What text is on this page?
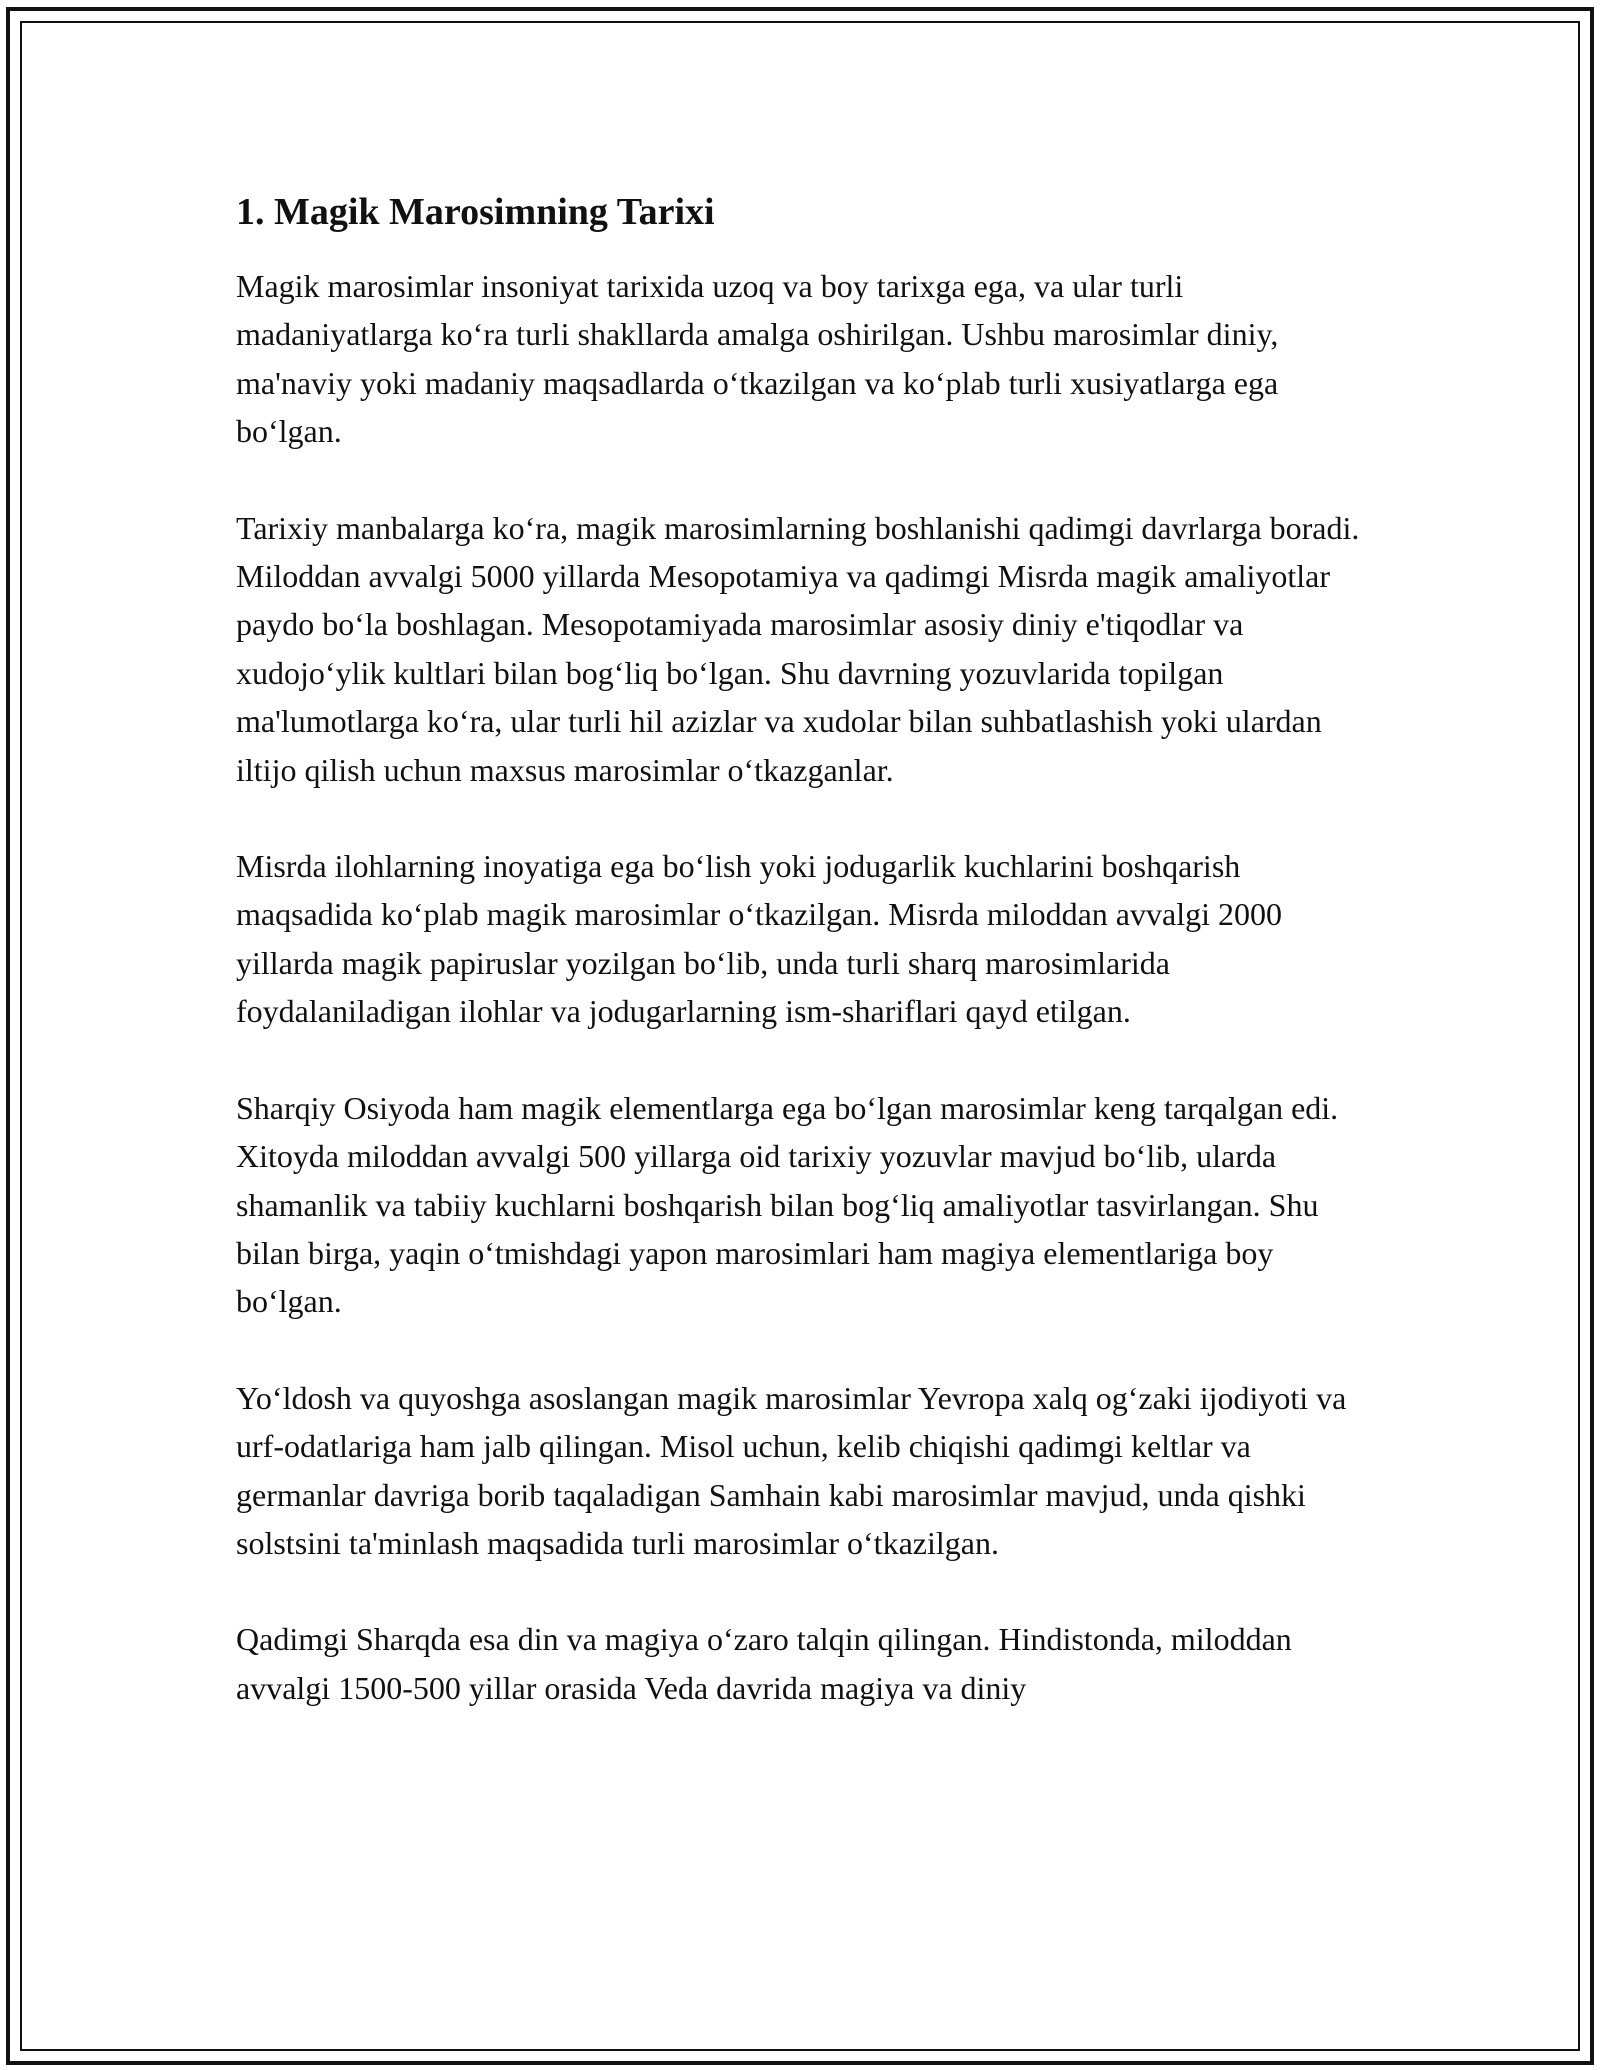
1. Magik Marosimning Tarixi

Magik marosimlar insoniyat tarixida uzoq va boy tarixga ega, va ular turli madaniyatlarga ko‘ra turli shakllarda amalga oshirilgan. Ushbu marosimlar diniy, ma'naviy yoki madaniy maqsadlarda o‘tkazilgan va ko‘plab turli xusiyatlarga ega bo‘lgan.

Tarixiy manbalarga ko‘ra, magik marosimlarning boshlanishi qadimgi davrlarga boradi. Miloddan avvalgi 5000 yillarda Mesopotamiya va qadimgi Misrda magik amaliyotlar paydo bo‘la boshlagan. Mesopotamiyada marosimlar asosiy diniy e'tiqodlar va xudojo‘ylik kultlari bilan bog‘liq bo‘lgan. Shu davrning yozuvlarida topilgan ma'lumotlarga ko‘ra, ular turli hil azizlar va xudolar bilan suhbatlashish yoki ulardan iltijo qilish uchun maxsus marosimlar o‘tkazganlar.

Misrda ilohlarning inoyatiga ega bo‘lish yoki jodugarlik kuchlarini boshqarish maqsadida ko‘plab magik marosimlar o‘tkazilgan. Misrda miloddan avvalgi 2000 yillarda magik papiruslar yozilgan bo‘lib, unda turli sharq marosimlarida foydalaniladigan ilohlar va jodugarlarning ism-shariflari qayd etilgan.

Sharqiy Osiyoda ham magik elementlarga ega bo‘lgan marosimlar keng tarqalgan edi. Xitoyda miloddan avvalgi 500 yillarga oid tarixiy yozuvlar mavjud bo‘lib, ularda shamanlik va tabiiy kuchlarni boshqarish bilan bog‘liq amaliyotlar tasvirlangan. Shu bilan birga, yaqin o‘tmishdagi yapon marosimlari ham magiya elementlariga boy bo‘lgan.

Yo‘ldosh va quyoshga asoslangan magik marosimlar Yevropa xalq og‘zaki ijodiyoti va urf-odatlariga ham jalb qilingan. Misol uchun, kelib chiqishi qadimgi keltlar va germanlar davriga borib taqaladigan Samhain kabi marosimlar mavjud, unda qishki solstsini ta'minlash maqsadida turli marosimlar o‘tkazilgan.

Qadimgi Sharqda esa din va magiya o‘zaro talqin qilingan. Hindistonda, miloddan avvalgi 1500-500 yillar orasida Veda davrida magiya va diniy
